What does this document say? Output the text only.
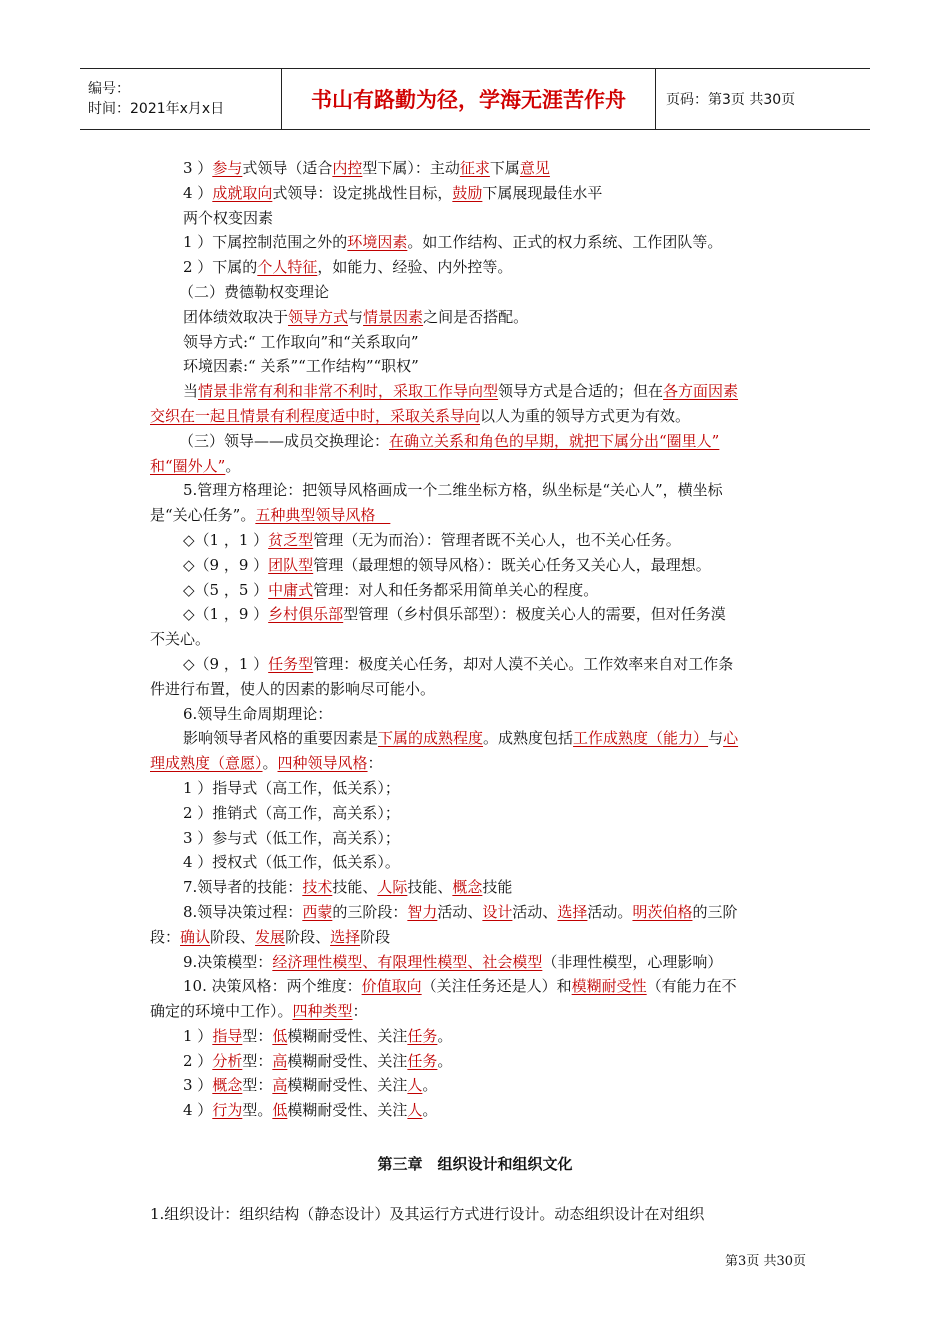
编号：
时间：2021年x月x日	书山有路勤为径，学海无涯苦作舟	页码：第3页 共30页

3 ）参与式领导（适合内控型下属）：主动征求下属意见

4 ）成就取向式领导：设定挑战性目标，鼓励下属展现最佳水平

两个权变因素

1 ）下属控制范围之外的环境因素。如工作结构、正式的权力系统、工作团队等。

2 ）下属的个人特征，如能力、经验、内外控等。

（二）费德勒权变理论

团体绩效取决于领导方式与情景因素之间是否搭配。

领导方式:“ 工作取向”和“关系取向”

环境因素:“ 关系”“工作结构”“职权”

当情景非常有利和非常不利时，采取工作导向型领导方式是合适的；但在各方面因素

交织在一起且情景有利程度适中时，采取关系导向以人为重的领导方式更为有效。

（三）领导——成员交换理论：在确立关系和角色的早期，就把下属分出“圈里人”

和“圈外人”。

5.管理方格理论：把领导风格画成一个二维坐标方格，纵坐标是“关心人”，横坐标

是“关心任务”。五种典型领导风格　

◇（1 ，1 ）贫乏型管理（无为而治）：管理者既不关心人，也不关心任务。

◇（9 ，9 ）团队型管理（最理想的领导风格）：既关心任务又关心人，最理想。

◇（5 ，5 ）中庸式管理：对人和任务都采用简单关心的程度。

◇（1 ，9 ）乡村俱乐部型管理（乡村俱乐部型）：极度关心人的需要，但对任务漠

不关心。

◇（9 ，1 ）任务型管理：极度关心任务，却对人漠不关心。工作效率来自对工作条

件进行布置，使人的因素的影响尽可能小。

6.领导生命周期理论：

影响领导者风格的重要因素是下属的成熟程度。成熟度包括工作成熟度（能力）与心

理成熟度（意愿）。四种领导风格：

1 ）指导式（高工作，低关系）；

2 ）推销式（高工作，高关系）；

3 ）参与式（低工作，高关系）；

4 ）授权式（低工作，低关系）。

7.领导者的技能：技术技能、人际技能、概念技能

8.领导决策过程：西蒙的三阶段：智力活动、设计活动、选择活动。明茨伯格的三阶

段：确认阶段、发展阶段、选择阶段

9.决策模型：经济理性模型、有限理性模型、社会模型（非理性模型，心理影响）

10. 决策风格：两个维度：价值取向（关注任务还是人）和模糊耐受性（有能力在不

确定的环境中工作）。四种类型：

1 ）指导型：低模糊耐受性、关注任务。

2 ）分析型：高模糊耐受性、关注任务。

3 ）概念型：高模糊耐受性、关注人。

4 ）行为型。低模糊耐受性、关注人。

第三章　组织设计和组织文化
1.组织设计：组织结构（静态设计）及其运行方式进行设计。动态组织设计在对组织
第3页 共30页
